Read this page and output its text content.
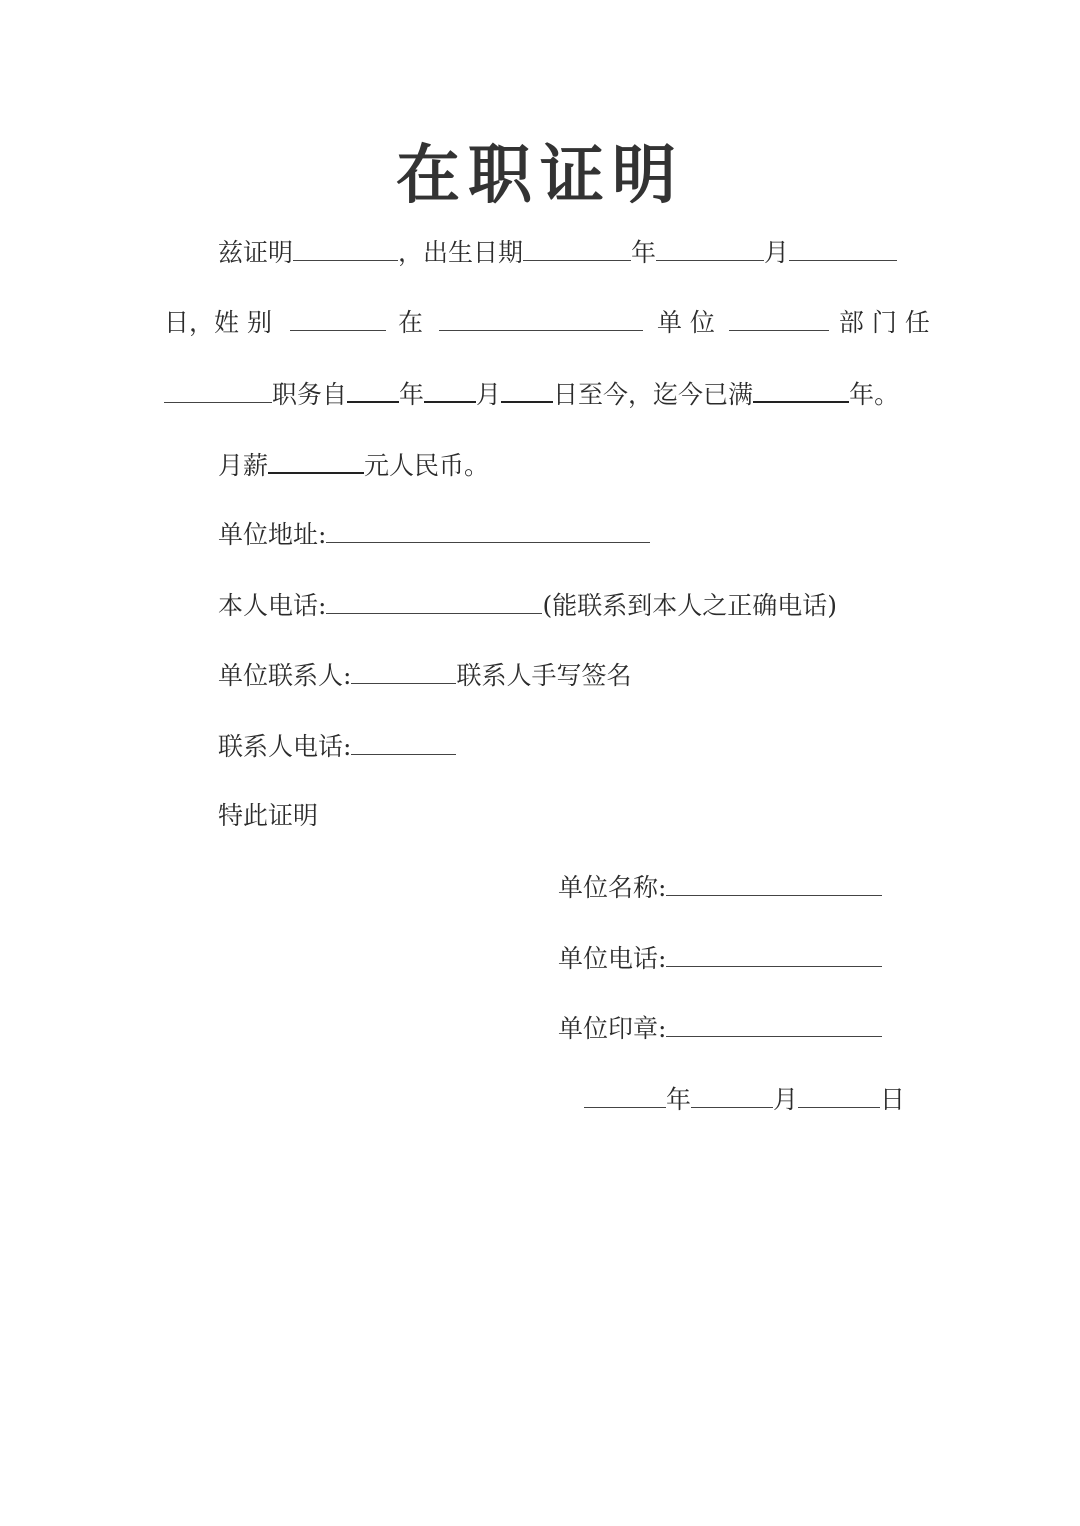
在职证明
兹证明	，出生日期	年	月
日，姓 别	在	单 位	部 门 任
职务自 年 月 日至今，迄今已满	年。
月薪	元人民币。
单位地址:
本人电话:	(能联系到本人之正确电话)
单位联系人:	联系人手写签名
联系人电话:
特此证明
单位名称:
单位电话:
单位印章:
年	月	日
